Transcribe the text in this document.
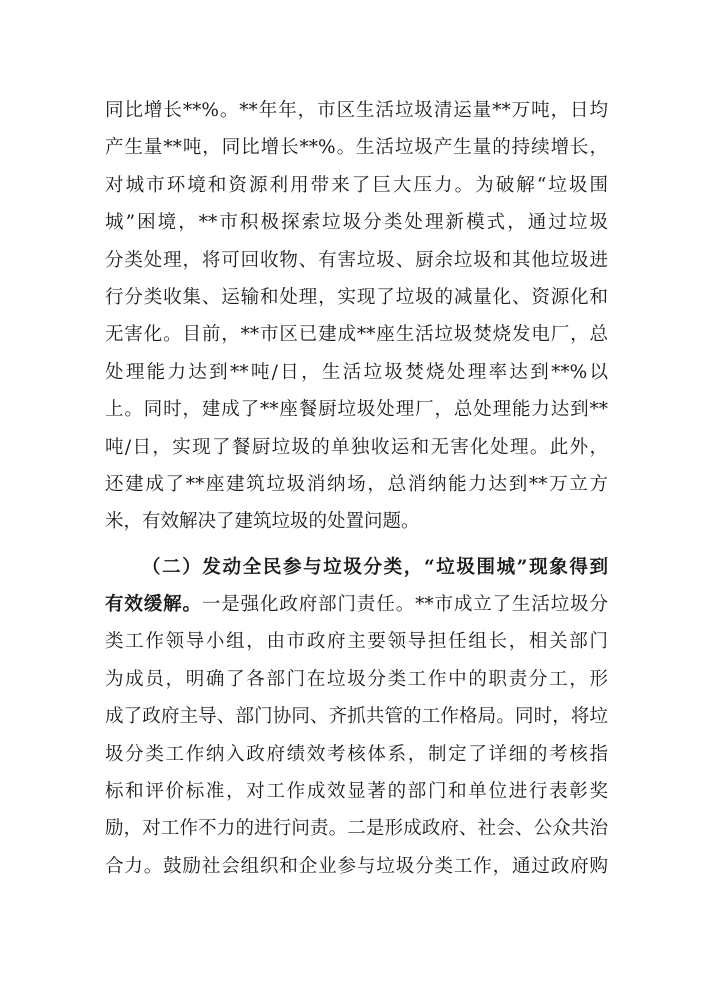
同比增长**%。**年年，市区生活垃圾清运量**万吨，日均
产生量**吨，同比增长**%。生活垃圾产生量的持续增长，
对城市环境和资源利用带来了巨大压力。为破解“垃圾围
城”困境，**市积极探索垃圾分类处理新模式，通过垃圾
分类处理，将可回收物、有害垃圾、厨余垃圾和其他垃圾进
行分类收集、运输和处理，实现了垃圾的减量化、资源化和
无害化。目前，**市区已建成**座生活垃圾焚烧发电厂，总
处理能力达到**吨/日，生活垃圾焚烧处理率达到**%以
上。同时，建成了**座餐厨垃圾处理厂，总处理能力达到**
吨/日，实现了餐厨垃圾的单独收运和无害化处理。此外，
还建成了**座建筑垃圾消纳场，总消纳能力达到**万立方
米，有效解决了建筑垃圾的处置问题。
（二）发动全民参与垃圾分类，“垃圾围城”现象得到
有效缓解。一是强化政府部门责任。**市成立了生活垃圾分
类工作领导小组，由市政府主要领导担任组长，相关部门
为成员，明确了各部门在垃圾分类工作中的职责分工，形
成了政府主导、部门协同、齐抓共管的工作格局。同时，将垃
圾分类工作纳入政府绩效考核体系，制定了详细的考核指
标和评价标准，对工作成效显著的部门和单位进行表彰奖
励，对工作不力的进行问责。二是形成政府、社会、公众共治
合力。鼓励社会组织和企业参与垃圾分类工作，通过政府购
